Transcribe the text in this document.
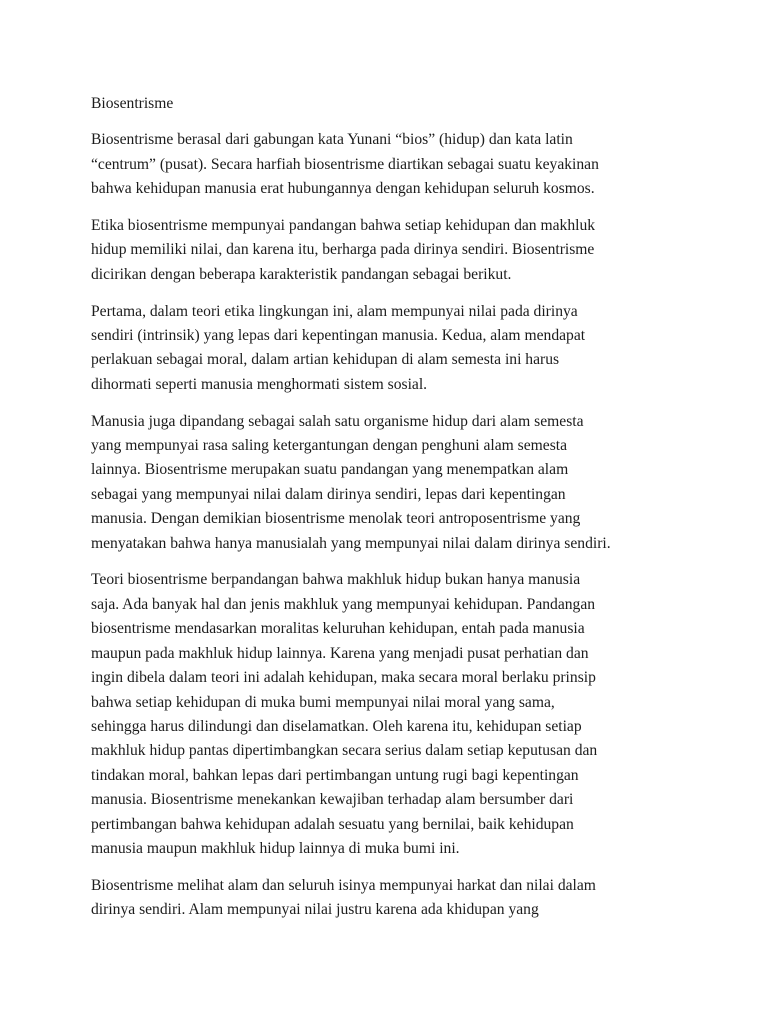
Biosentrisme
Biosentrisme berasal dari gabungan kata Yunani “bios” (hidup) dan kata latin
“centrum” (pusat). Secara harfiah biosentrisme diartikan sebagai suatu keyakinan
bahwa kehidupan manusia erat hubungannya dengan kehidupan seluruh kosmos.
Etika biosentrisme mempunyai pandangan bahwa setiap kehidupan dan makhluk
hidup memiliki nilai, dan karena itu, berharga pada dirinya sendiri. Biosentrisme
dicirikan dengan beberapa karakteristik pandangan sebagai berikut.
Pertama, dalam teori etika lingkungan ini, alam mempunyai nilai pada dirinya
sendiri (intrinsik) yang lepas dari kepentingan manusia. Kedua, alam mendapat
perlakuan sebagai moral, dalam artian kehidupan di alam semesta ini harus
dihormati seperti manusia menghormati sistem sosial.
Manusia juga dipandang sebagai salah satu organisme hidup dari alam semesta
yang mempunyai rasa saling ketergantungan dengan penghuni alam semesta
lainnya. Biosentrisme merupakan suatu pandangan yang menempatkan alam
sebagai yang mempunyai nilai dalam dirinya sendiri, lepas dari kepentingan
manusia. Dengan demikian biosentrisme menolak teori antroposentrisme yang
menyatakan bahwa hanya manusialah yang mempunyai nilai dalam dirinya sendiri.
Teori biosentrisme berpandangan bahwa makhluk hidup bukan hanya manusia
saja. Ada banyak hal dan jenis makhluk yang mempunyai kehidupan. Pandangan
biosentrisme mendasarkan moralitas keluruhan kehidupan, entah pada manusia
maupun pada makhluk hidup lainnya. Karena yang menjadi pusat perhatian dan
ingin dibela dalam teori ini adalah kehidupan, maka secara moral berlaku prinsip
bahwa setiap kehidupan di muka bumi mempunyai nilai moral yang sama,
sehingga harus dilindungi dan diselamatkan. Oleh karena itu, kehidupan setiap
makhluk hidup pantas dipertimbangkan secara serius dalam setiap keputusan dan
tindakan moral, bahkan lepas dari pertimbangan untung rugi bagi kepentingan
manusia. Biosentrisme menekankan kewajiban terhadap alam bersumber dari
pertimbangan bahwa kehidupan adalah sesuatu yang bernilai, baik kehidupan
manusia maupun makhluk hidup lainnya di muka bumi ini.
Biosentrisme melihat alam dan seluruh isinya mempunyai harkat dan nilai dalam
dirinya sendiri. Alam mempunyai nilai justru karena ada khidupan yang
